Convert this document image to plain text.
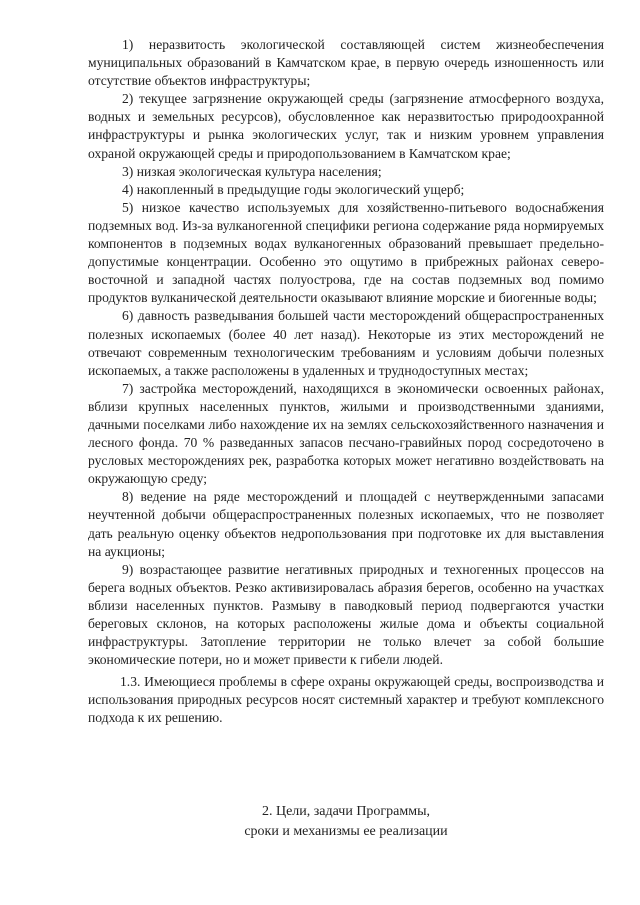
1) неразвитость экологической составляющей систем жизнеобеспечения муниципальных образований в Камчатском крае, в первую очередь изношенность или отсутствие объектов инфраструктуры;

2) текущее загрязнение окружающей среды (загрязнение атмосферного воздуха, водных и земельных ресурсов), обусловленное как неразвитостью природоохранной инфраструктуры и рынка экологических услуг, так и низким уровнем управления охраной окружающей среды и природопользованием в Камчатском крае;

3) низкая экологическая культура населения;

4) накопленный в предыдущие годы экологический ущерб;

5) низкое качество используемых для хозяйственно-питьевого водоснабжения подземных вод. Из-за вулканогенной специфики региона содержание ряда нормируемых компонентов в подземных водах вулканогенных образований превышает предельно-допустимые концентрации. Особенно это ощутимо в прибрежных районах северо-восточной и западной частях полуострова, где на состав подземных вод помимо продуктов вулканической деятельности оказывают влияние морские и биогенные воды;

6) давность разведывания большей части месторождений общераспространенных полезных ископаемых (более 40 лет назад). Некоторые из этих месторождений не отвечают современным технологическим требованиям и условиям добычи полезных ископаемых, а также расположены в удаленных и труднодоступных местах;

7) застройка месторождений, находящихся в экономически освоенных районах, вблизи крупных населенных пунктов, жилыми и производственными зданиями, дачными поселками либо нахождение их на землях сельскохозяйственного назначения и лесного фонда. 70 % разведанных запасов песчано-гравийных пород сосредоточено в русловых месторождениях рек, разработка которых может негативно воздействовать на окружающую среду;

8) ведение на ряде месторождений и площадей с неутвержденными запасами неучтенной добычи общераспространенных полезных ископаемых, что не позволяет дать реальную оценку объектов недропользования при подготовке их для выставления на аукционы;

9) возрастающее развитие негативных природных и техногенных процессов на берега водных объектов. Резко активизировалась абразия берегов, особенно на участках вблизи населенных пунктов. Размыву в паводковый период подвергаются участки береговых склонов, на которых расположены жилые дома и объекты социальной инфраструктуры. Затопление территории не только влечет за собой большие экономические потери, но и может привести к гибели людей.

1.3. Имеющиеся проблемы в сфере охраны окружающей среды, воспроизводства и использования природных ресурсов носят системный характер и требуют комплексного подхода к их решению.

2. Цели, задачи Программы,
сроки и механизмы ее реализации
